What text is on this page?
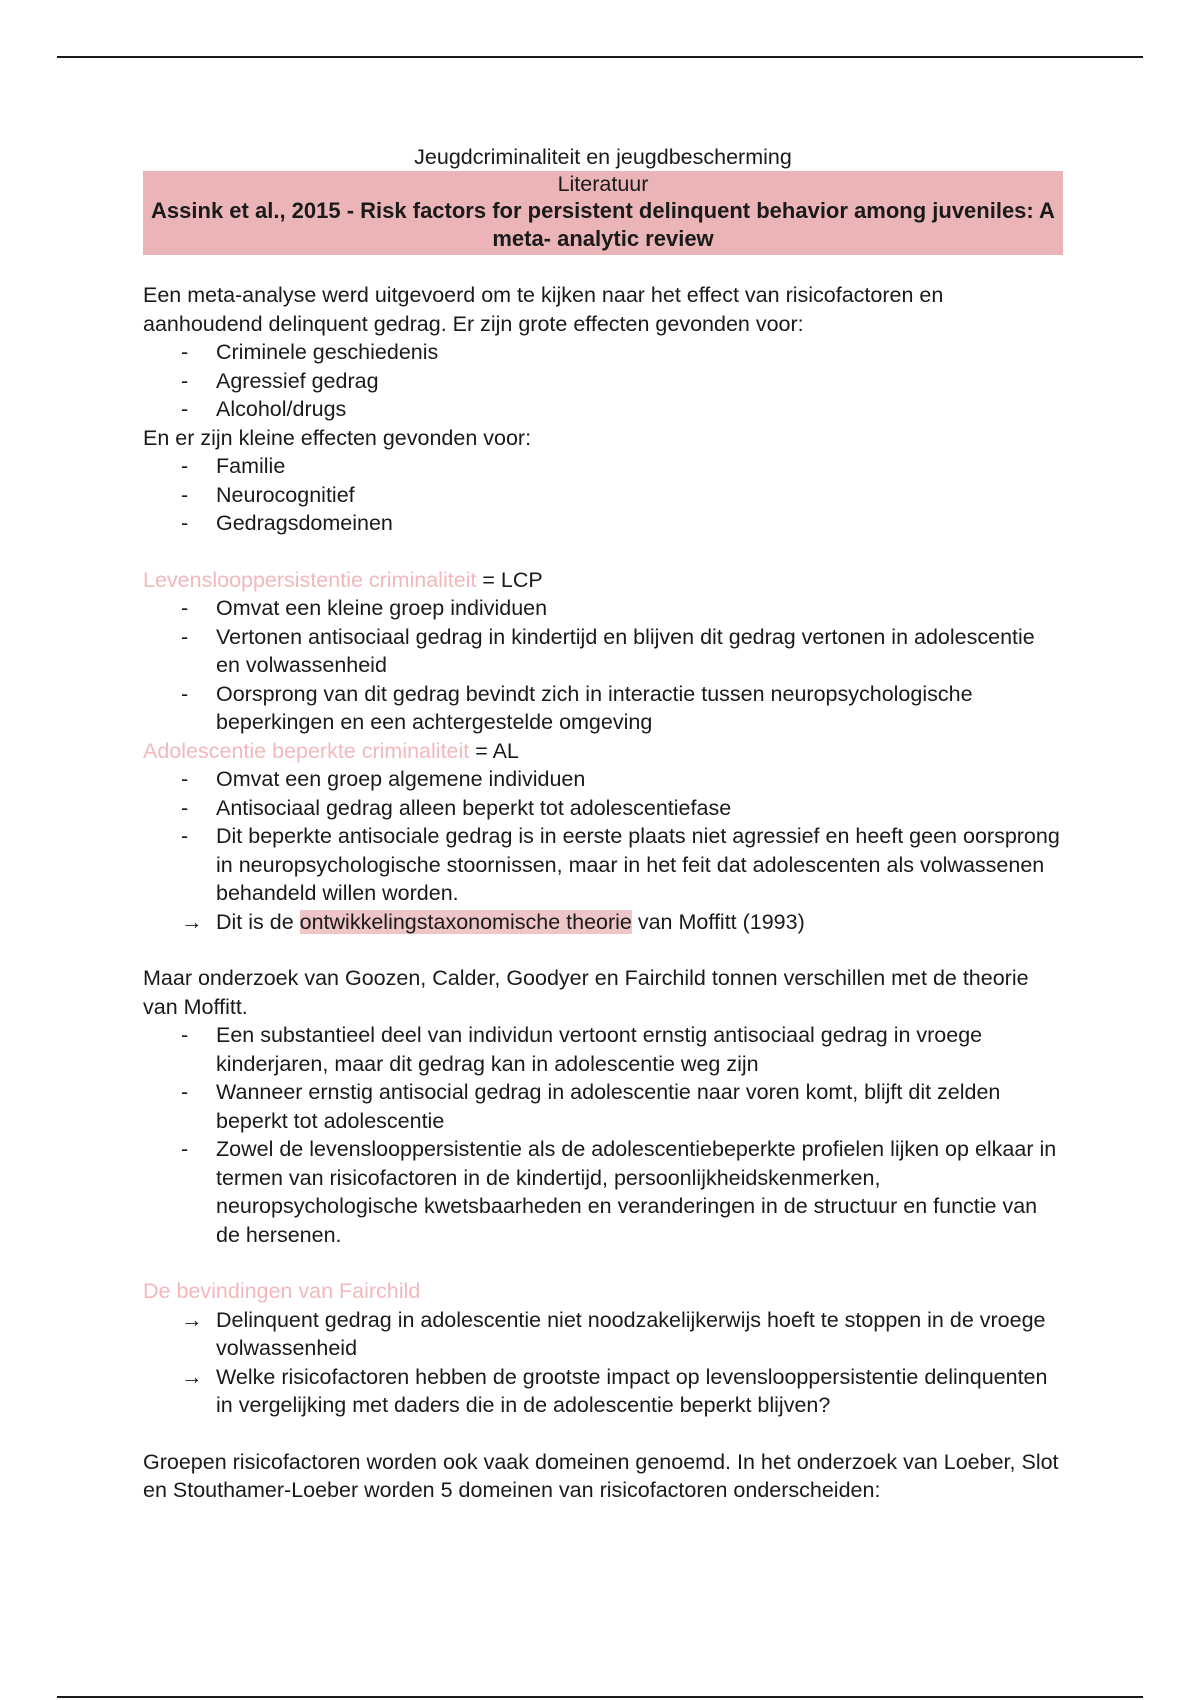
Jeugdcriminaliteit en jeugdbescherming

Literatuur
Assink et al., 2015 - Risk factors for persistent delinquent behavior among juveniles: A meta- analytic review

Een meta-analyse werd uitgevoerd om te kijken naar het effect van risicofactoren en aanhoudend delinquent gedrag. Er zijn grote effecten gevonden voor:

-	Criminele geschiedenis
-	Agressief gedrag
-	Alcohol/drugs

En er zijn kleine effecten gevonden voor:

-	Familie
-	Neurocognitief
-	Gedragsdomeinen

Levenslooppersistentie criminaliteit = LCP

-	Omvat een kleine groep individuen
-	Vertonen antisociaal gedrag in kindertijd en blijven dit gedrag vertonen in adolescentie en volwassenheid
-	Oorsprong van dit gedrag bevindt zich in interactie tussen neuropsychologische beperkingen en een achtergestelde omgeving

Adolescentie beperkte criminaliteit = AL

-	Omvat een groep algemene individuen
-	Antisociaal gedrag alleen beperkt tot adolescentiefase
-	Dit beperkte antisociale gedrag is in eerste plaats niet agressief en heeft geen oorsprong in neuropsychologische stoornissen, maar in het feit dat adolescenten als volwassenen behandeld willen worden.
→ Dit is de ontwikkelingstaxonomische theorie van Moffitt (1993)

Maar onderzoek van Goozen, Calder, Goodyer en Fairchild tonnen verschillen met de theorie van Moffitt.

-	Een substantieel deel van individun vertoont ernstig antisociaal gedrag in vroege kinderjaren, maar dit gedrag kan in adolescentie weg zijn
-	Wanneer ernstig antisocial gedrag in adolescentie naar voren komt, blijft dit zelden beperkt tot adolescentie
-	Zowel de levenslooppersistentie als de adolescentiebeperkte profielen lijken op elkaar in termen van risicofactoren in de kindertijd, persoonlijkheidskenmerken, neuropsychologische kwetsbaarheden en veranderingen in de structuur en functie van de hersenen.

De bevindingen van Fairchild

→ Delinquent gedrag in adolescentie niet noodzakelijkerwijs hoeft te stoppen in de vroege volwassenheid
→ Welke risicofactoren hebben de grootste impact op levenslooppersistentie delinquenten in vergelijking met daders die in de adolescentie beperkt blijven?

Groepen risicofactoren worden ook vaak domeinen genoemd. In het onderzoek van Loeber, Slot en Stouthamer-Loeber worden 5 domeinen van risicofactoren onderscheiden:
